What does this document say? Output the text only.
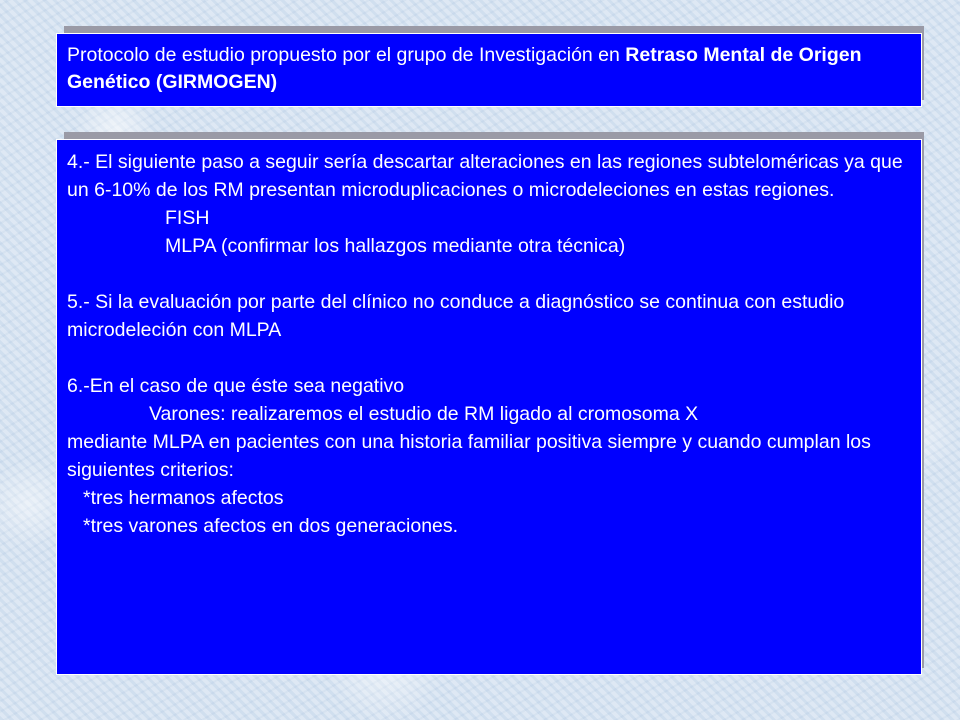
Protocolo de estudio propuesto por el grupo de Investigación en Retraso Mental de Origen Genético (GIRMOGEN)

4.- El siguiente paso a seguir sería descartar alteraciones en las regiones subteloméricas ya que un 6-10% de los RM presentan microduplicaciones o microdeleciones en estas regiones.

FISH

MLPA (confirmar los hallazgos mediante otra técnica)

5.- Si la evaluación por parte del clínico no conduce a diagnóstico se continua con estudio microdeleción con MLPA

6.-En el caso de que éste sea negativo

Varones: realizaremos el estudio de RM ligado al cromosoma X

mediante MLPA en pacientes con una historia familiar positiva siempre y cuando cumplan los siguientes criterios:

*tres hermanos afectos

*tres varones afectos en dos generaciones.
